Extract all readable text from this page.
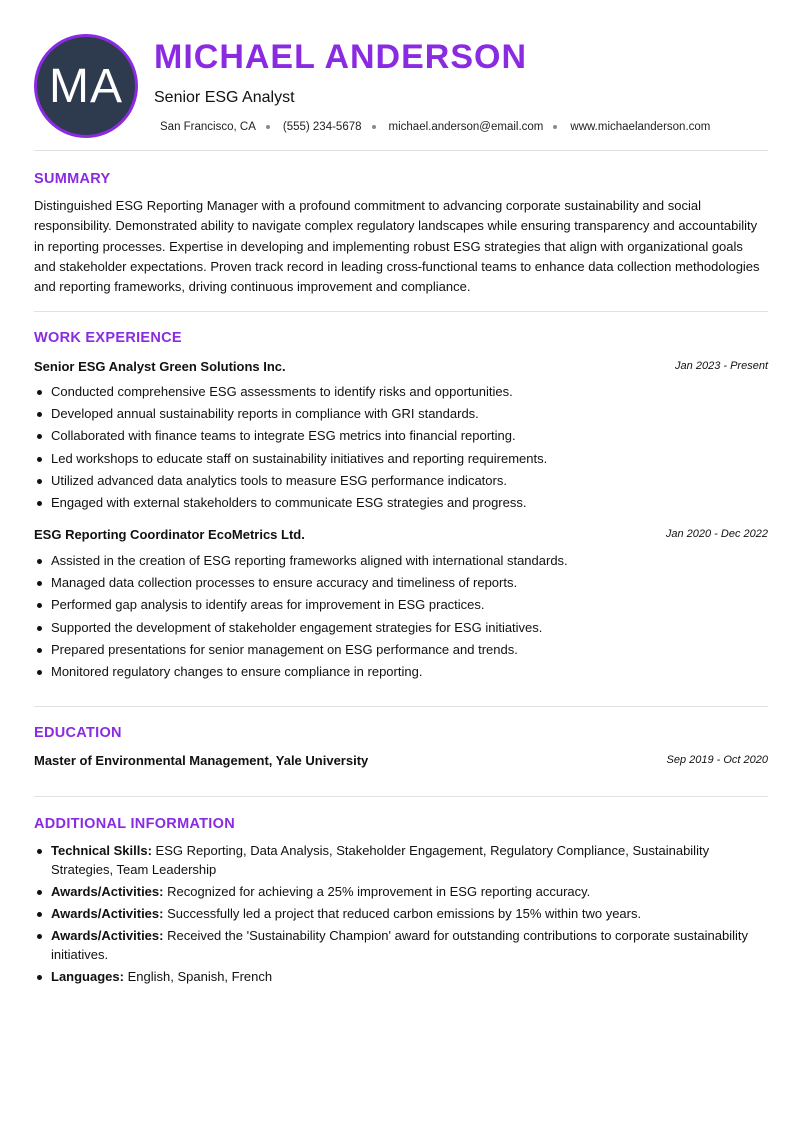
MA
MICHAEL ANDERSON
Senior ESG Analyst
San Francisco, CA (555) 234-5678 michael.anderson@email.com www.michaelanderson.com
SUMMARY
Distinguished ESG Reporting Manager with a profound commitment to advancing corporate sustainability and social responsibility. Demonstrated ability to navigate complex regulatory landscapes while ensuring transparency and accountability in reporting processes. Expertise in developing and implementing robust ESG strategies that align with organizational goals and stakeholder expectations. Proven track record in leading cross-functional teams to enhance data collection methodologies and reporting frameworks, driving continuous improvement and compliance.
WORK EXPERIENCE
Senior ESG Analyst Green Solutions Inc.	Jan 2023 - Present
Conducted comprehensive ESG assessments to identify risks and opportunities.
Developed annual sustainability reports in compliance with GRI standards.
Collaborated with finance teams to integrate ESG metrics into financial reporting.
Led workshops to educate staff on sustainability initiatives and reporting requirements.
Utilized advanced data analytics tools to measure ESG performance indicators.
Engaged with external stakeholders to communicate ESG strategies and progress.
ESG Reporting Coordinator EcoMetrics Ltd.	Jan 2020 - Dec 2022
Assisted in the creation of ESG reporting frameworks aligned with international standards.
Managed data collection processes to ensure accuracy and timeliness of reports.
Performed gap analysis to identify areas for improvement in ESG practices.
Supported the development of stakeholder engagement strategies for ESG initiatives.
Prepared presentations for senior management on ESG performance and trends.
Monitored regulatory changes to ensure compliance in reporting.
EDUCATION
Master of Environmental Management, Yale University	Sep 2019 - Oct 2020
ADDITIONAL INFORMATION
Technical Skills: ESG Reporting, Data Analysis, Stakeholder Engagement, Regulatory Compliance, Sustainability Strategies, Team Leadership
Awards/Activities: Recognized for achieving a 25% improvement in ESG reporting accuracy.
Awards/Activities: Successfully led a project that reduced carbon emissions by 15% within two years.
Awards/Activities: Received the 'Sustainability Champion' award for outstanding contributions to corporate sustainability initiatives.
Languages: English, Spanish, French
